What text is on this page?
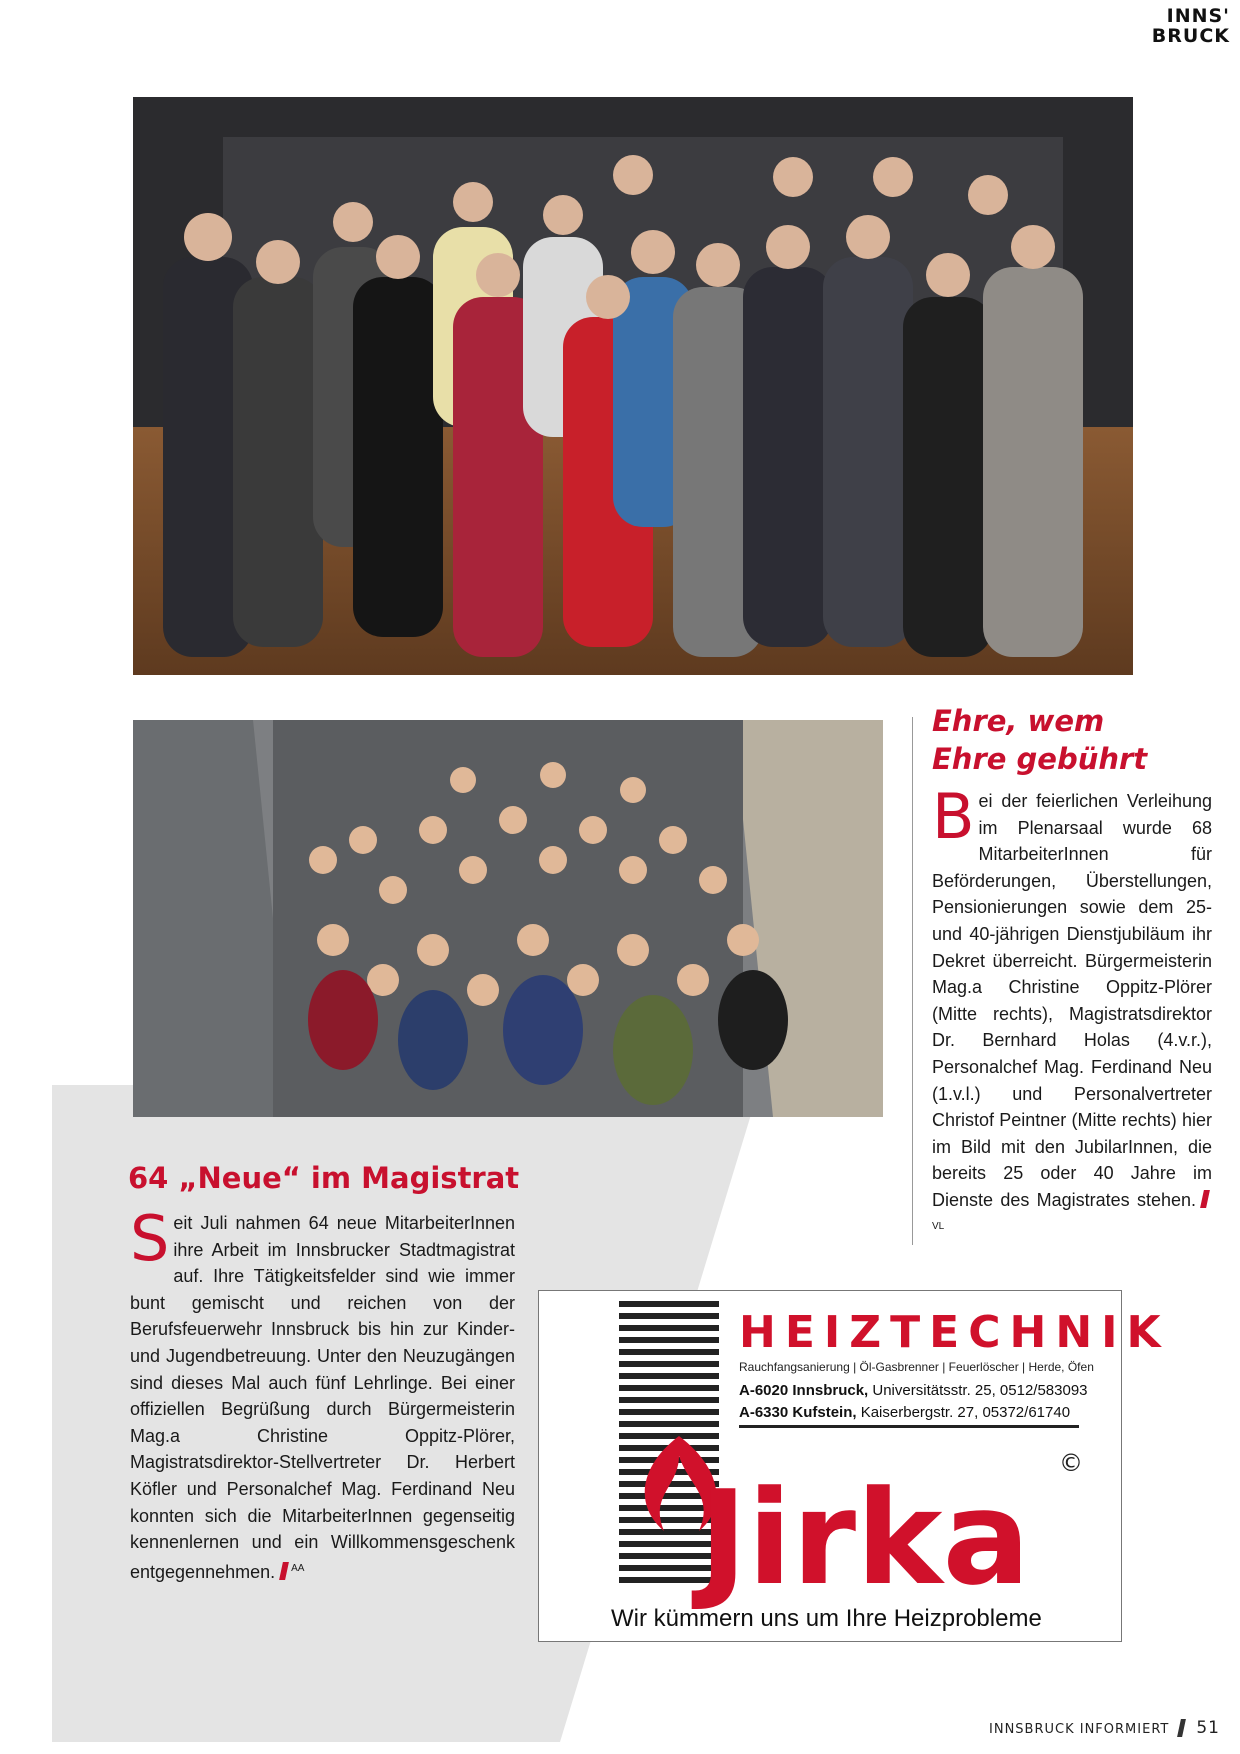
INNS'
BRUCK
Ehre, wem
Ehre gebührt

Bei der feierlichen Verleihung im Plenarsaal wurde 68 MitarbeiterInnen für Beförderungen, Überstellungen, Pensionierungen sowie dem 25- und 40-jährigen Dienstjubiläum ihr Dekret überreicht. Bürgermeisterin Mag.a Christine Oppitz-Plörer (Mitte rechts), Magistratsdirektor Dr. Bernhard Holas (4.v.r.), Personalchef Mag. Ferdinand Neu (1.v.l.) und Personalvertreter Christof Peintner (Mitte rechts) hier im Bild mit den JubilarInnen, die bereits 25 oder 40 Jahre im Dienste des Magistrates stehen.$^{VL}$

64 „Neue“ im Magistrat

Seit Juli nahmen 64 neue MitarbeiterInnen ihre Arbeit im Innsbrucker Stadtmagistrat auf. Ihre Tätigkeitsfelder sind wie immer bunt gemischt und reichen von der Berufsfeuerwehr Innsbruck bis hin zur Kinder- und Jugendbetreuung. Unter den Neuzugängen sind dieses Mal auch fünf Lehrlinge. Bei einer offiziellen Begrüßung durch Bürgermeisterin Mag.a Christine Oppitz-Plörer, Magistratsdirektor-Stellvertreter Dr. Herbert Köfler und Personalchef Mag. Ferdinand Neu konnten sich die MitarbeiterInnen gegenseitig kennenlernen und ein Willkommensgeschenk entgegennehmen. $^{AA}$

HEIZTECHNIK
Rauchfangsanierung | Öl-Gasbrenner | Feuerlöscher | Herde, Öfen
A-6020 Innsbruck, Universitätsstr. 25, 0512/583093
A-6330 Kufstein, Kaiserbergstr. 27, 05372/61740
Jirka ©
Wir kümmern uns um Ihre Heizprobleme
INNSBRUCK INFORMIERT 51
